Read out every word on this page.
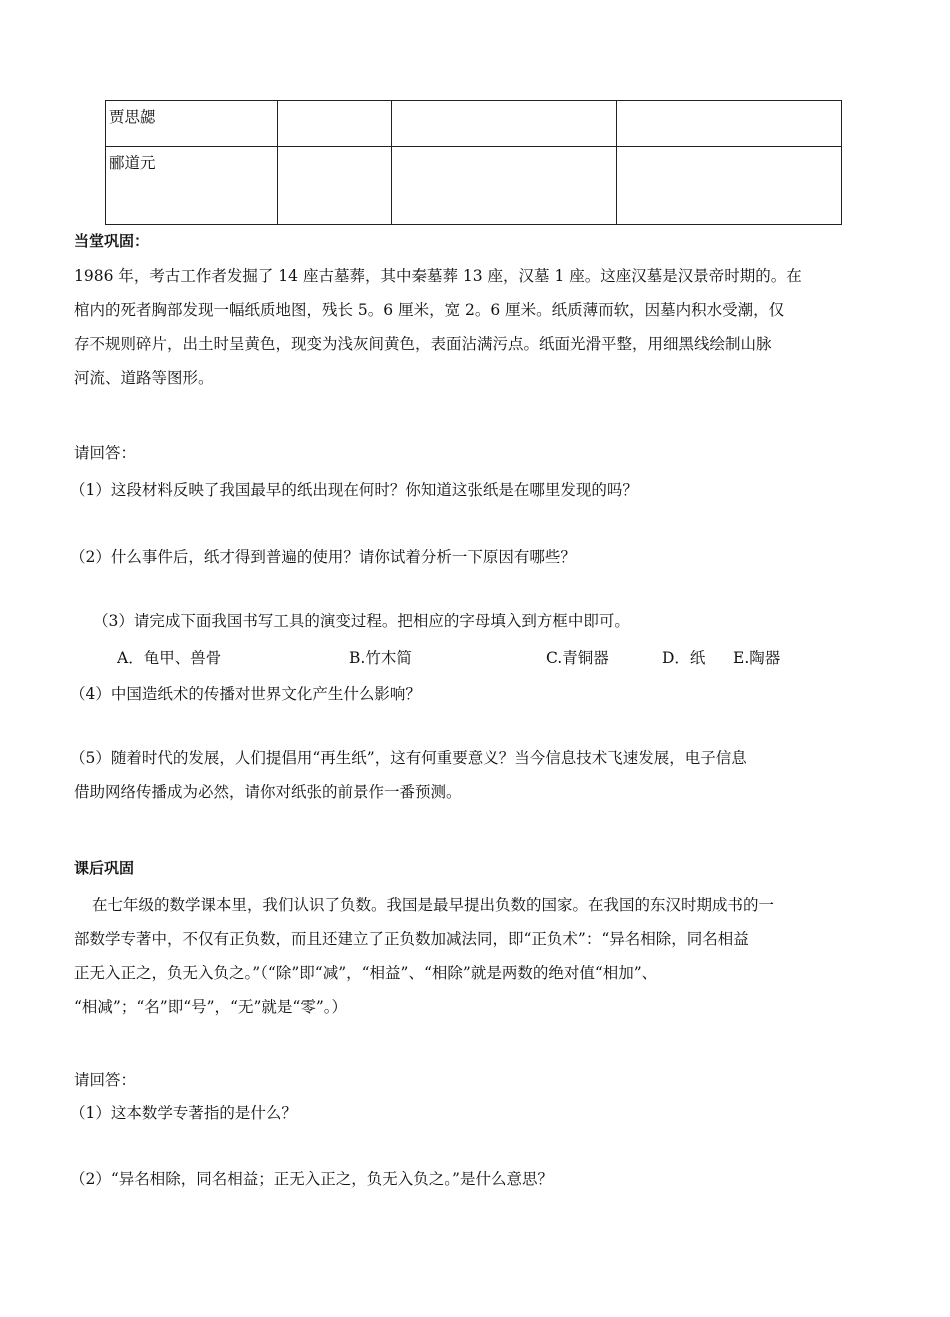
贾思勰			
郦道元			
当堂巩固：
1986 年，考古工作者发掘了 14 座古墓葬，其中秦墓葬 13 座，汉墓 1 座。这座汉墓是汉景帝时期的。在
棺内的死者胸部发现一幅纸质地图，残长 5。6 厘米，宽 2。6 厘米。纸质薄而软，因墓内积水受潮，仅
存不规则碎片，出土时呈黄色，现变为浅灰间黄色，表面沾满污点。纸面光滑平整，用细黑线绘制山脉
河流、道路等图形。
请回答：
（1）这段材料反映了我国最早的纸出现在何时？你知道这张纸是在哪里发现的吗？
（2）什么事件后，纸才得到普遍的使用？请你试着分析一下原因有哪些？
（3）请完成下面我国书写工具的演变过程。把相应的字母填入到方框中即可。
A．龟甲、兽骨	B.竹木简	C.青铜器	D．纸 E.陶器
（4）中国造纸术的传播对世界文化产生什么影响？
（5）随着时代的发展，人们提倡用“再生纸”，这有何重要意义？当今信息技术飞速发展，电子信息
借助网络传播成为必然，请你对纸张的前景作一番预测。
课后巩固
在七年级的数学课本里，我们认识了负数。我国是最早提出负数的国家。在我国的东汉时期成书的一
部数学专著中，不仅有正负数，而且还建立了正负数加减法同，即“正负术”：“异名相除，同名相益
正无入正之，负无入负之。”（“除”即“减”，“相益”、“相除”就是两数的绝对值“相加”、
“相减”；“名”即“号”，“无”就是“零”。）
请回答：
（1）这本数学专著指的是什么？
（2）“异名相除，同名相益；正无入正之，负无入负之。”是什么意思？
